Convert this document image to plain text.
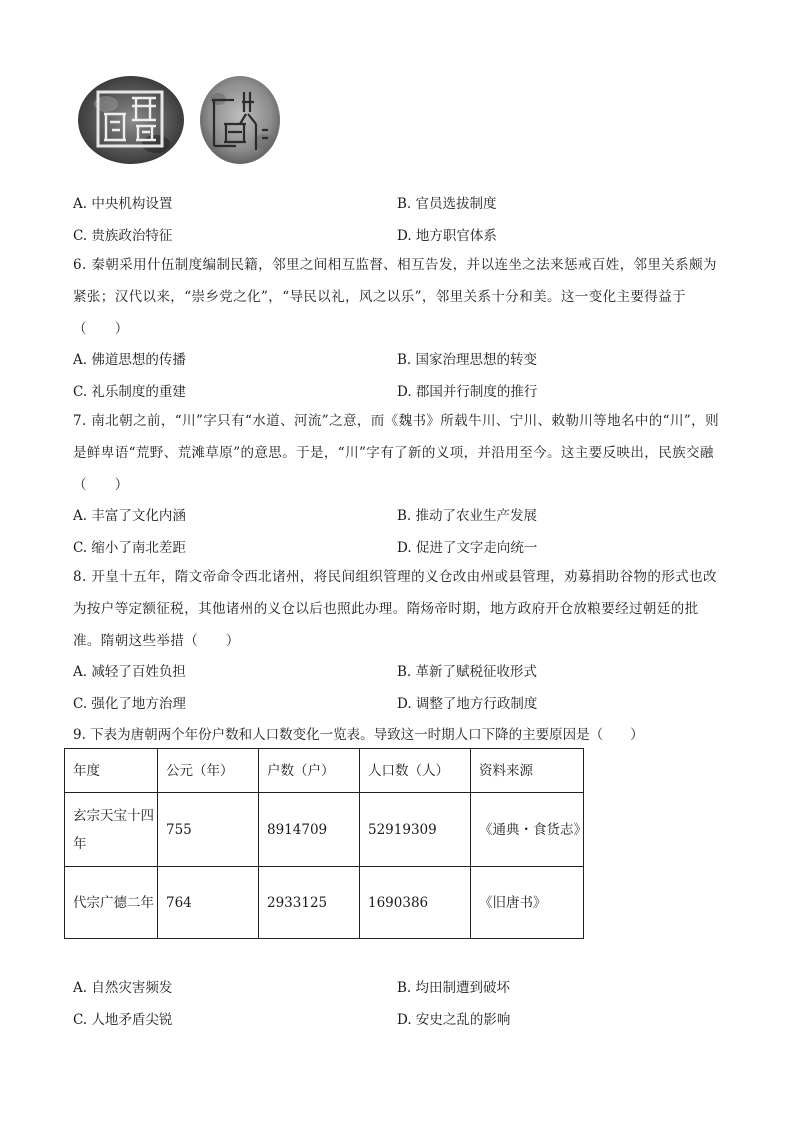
A. 中央机构设置	B. 官员选拔制度
C. 贵族政治特征	D. 地方职官体系
6. 秦朝采用什伍制度编制民籍，邻里之间相互监督、相互告发，并以连坐之法来惩戒百姓，邻里关系颇为紧张；汉代以来，“崇乡党之化”，“导民以礼，风之以乐”，邻里关系十分和美。这一变化主要得益于（　　）
A. 佛道思想的传播	B. 国家治理思想的转变
C. 礼乐制度的重建	D. 郡国并行制度的推行
7. 南北朝之前，“川”字只有“水道、河流”之意，而《魏书》所载牛川、宁川、敕勒川等地名中的“川”，则是鲜卑语“荒野、荒滩草原”的意思。于是，“川”字有了新的义项，并沿用至今。这主要反映出，民族交融（　　）
A. 丰富了文化内涵	B. 推动了农业生产发展
C. 缩小了南北差距	D. 促进了文字走向统一
8. 开皇十五年，隋文帝命令西北诸州，将民间组织管理的义仓改由州或县管理，劝募捐助谷物的形式也改为按户等定额征税，其他诸州的义仓以后也照此办理。隋炀帝时期，地方政府开仓放粮要经过朝廷的批准。隋朝这些举措（　　）
A. 减轻了百姓负担	B. 革新了赋税征收形式
C. 强化了地方治理	D. 调整了地方行政制度
9. 下表为唐朝两个年份户数和人口数变化一览表。导致这一时期人口下降的主要原因是（　　）
年度	公元（年）	户数（户）	人口数（人）	资料来源
玄宗天宝十四年	755	8914709	52919309	《通典・食货志》
代宗广德二年	764	2933125	1690386	《旧唐书》
A. 自然灾害频发	B. 均田制遭到破坏
C. 人地矛盾尖锐	D. 安史之乱的影响
